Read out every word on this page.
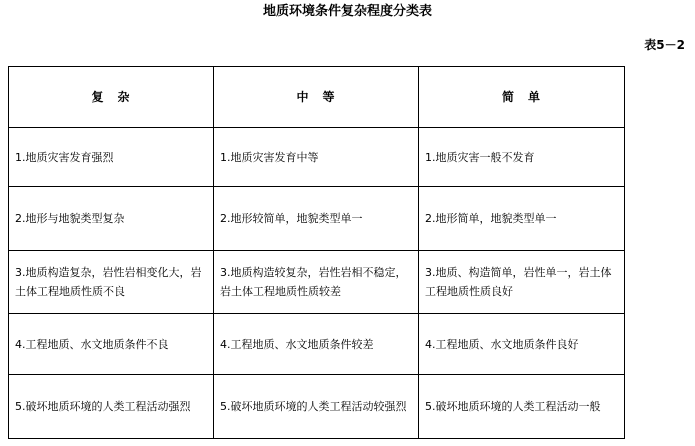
地质环境条件复杂程度分类表
表5－2
复　杂	中　等	简　单
1.地质灾害发育强烈	1.地质灾害发育中等	1.地质灾害一般不发育
2.地形与地貌类型复杂	2.地形较简单，地貌类型单一	2.地形简单，地貌类型单一
3.地质构造复杂，岩性岩相变化大，岩土体工程地质性质不良	3.地质构造较复杂，岩性岩相不稳定，岩土体工程地质性质较差	3.地质、构造简单，岩性单一，岩土体工程地质性质良好
4.工程地质、水文地质条件不良	4.工程地质、水文地质条件较差	4.工程地质、水文地质条件良好
5.破坏地质环境的人类工程活动强烈	5.破坏地质环境的人类工程活动较强烈	5.破坏地质环境的人类工程活动一般
